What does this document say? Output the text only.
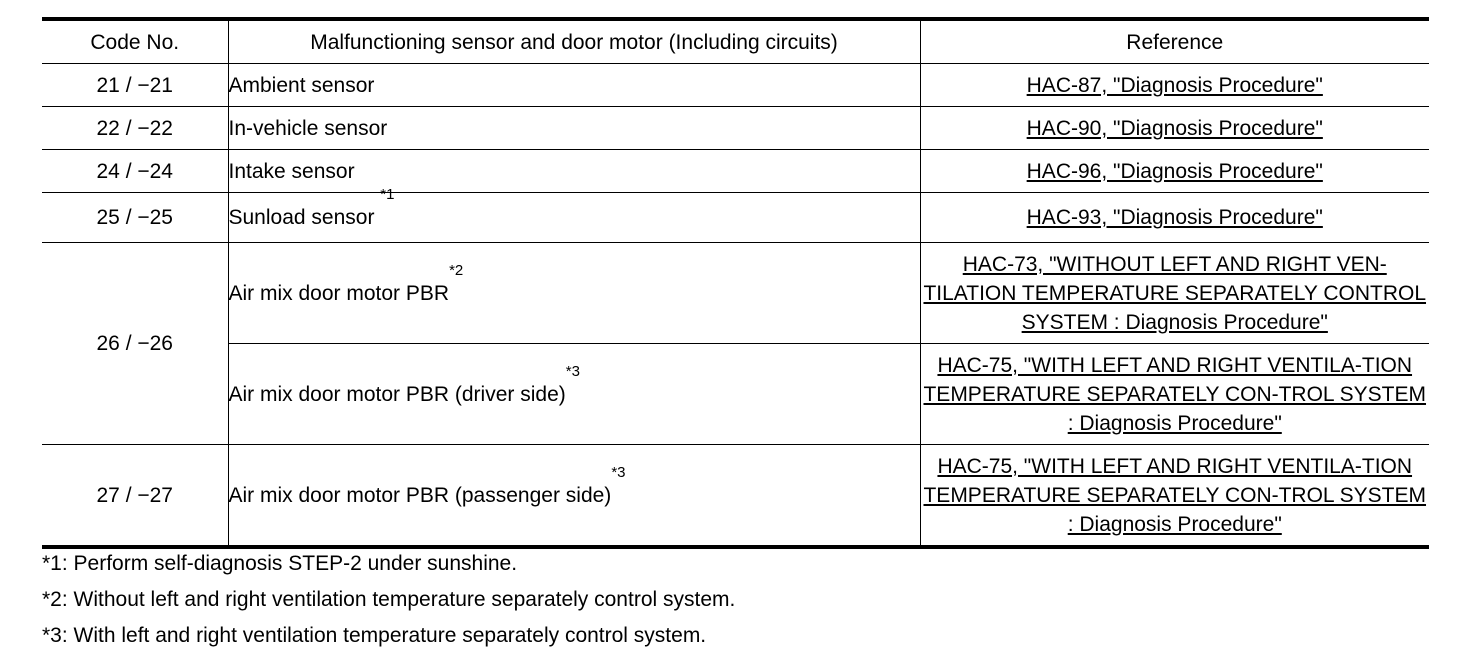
Code No.	Malfunctioning sensor and door motor (Including circuits)	Reference
21 / −21	Ambient sensor	HAC-87, "Diagnosis Procedure"
22 / −22	In-vehicle sensor	HAC-90, "Diagnosis Procedure"
24 / −24	Intake sensor	HAC-96, "Diagnosis Procedure"
25 / −25	Sunload sensor $^{*1}$	HAC-93, "Diagnosis Procedure"
26 / −26	Air mix door motor PBR$^{*2}$	HAC-73, "WITHOUT LEFT AND RIGHT VEN-TILATION TEMPERATURE SEPARATELY CONTROL SYSTEM : Diagnosis Procedure"
	Air mix door motor PBR (driver side)$^{*3}$	HAC-75, "WITH LEFT AND RIGHT VENTILA-TION TEMPERATURE SEPARATELY CON-TROL SYSTEM : Diagnosis Procedure"
27 / −27	Air mix door motor PBR (passenger side)$^{*3}$	HAC-75, "WITH LEFT AND RIGHT VENTILA-TION TEMPERATURE SEPARATELY CON-TROL SYSTEM : Diagnosis Procedure"
*1: Perform self-diagnosis STEP-2 under sunshine.
*2: Without left and right ventilation temperature separately control system.
*3: With left and right ventilation temperature separately control system.
